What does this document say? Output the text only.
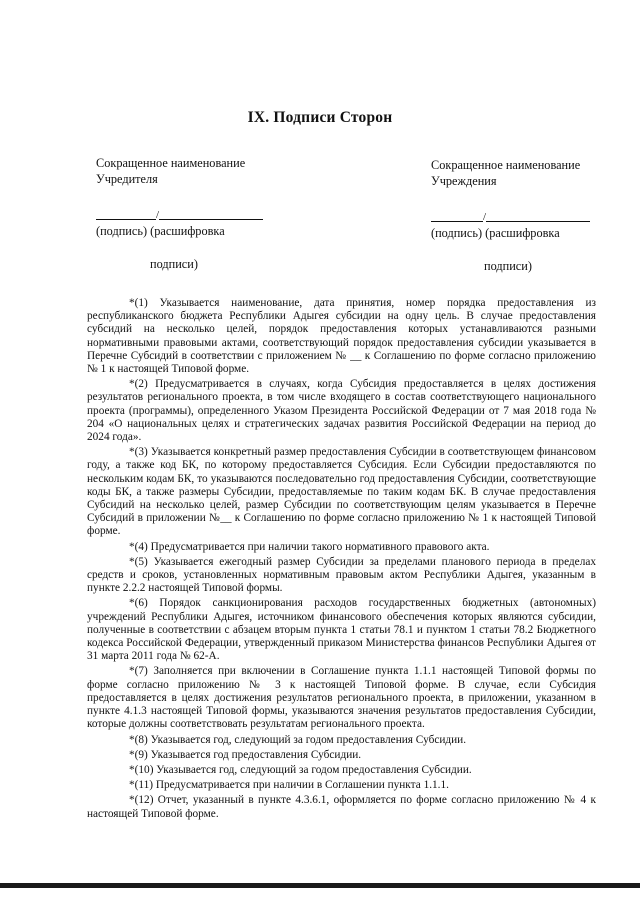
IX. Подписи Сторон
Сокращенное наименование
Учредителя
/
(подпись) (расшифровка
подписи)
Сокращенное наименование
Учреждения
/
(подпись) (расшифровка
подписи)

*(1) Указывается наименование, дата принятия, номер порядка предоставления из республиканского бюджета Республики Адыгея субсидии на одну цель. В случае предоставления субсидий на несколько целей, порядок предоставления которых устанавливаются разными нормативными правовыми актами, соответствующий порядок предоставления субсидии указывается в Перечне Субсидий в соответствии с приложением № __ к Соглашению по форме согласно приложению № 1 к настоящей Типовой форме.

*(2) Предусматривается в случаях, когда Субсидия предоставляется в целях достижения результатов регионального проекта, в том числе входящего в состав соответствующего национального проекта (программы), определенного Указом Президента Российской Федерации от 7 мая 2018 года № 204 «О национальных целях и стратегических задачах развития Российской Федерации на период до 2024 года».

*(3) Указывается конкретный размер предоставления Субсидии в соответствующем финансовом году, а также код БК, по которому предоставляется Субсидия. Если Субсидии предоставляются по нескольким кодам БК, то указываются последовательно год предоставления Субсидии, соответствующие коды БК, а также размеры Субсидии, предоставляемые по таким кодам БК. В случае предоставления Субсидий на несколько целей, размер Субсидии по соответствующим целям указывается в Перечне Субсидий в приложении №__ к Соглашению по форме согласно приложению № 1 к настоящей Типовой форме.

*(4) Предусматривается при наличии такого нормативного правового акта.

*(5) Указывается ежегодный размер Субсидии за пределами планового периода в пределах средств и сроков, установленных нормативным правовым актом Республики Адыгея, указанным в пункте 2.2.2 настоящей Типовой формы.

*(6) Порядок санкционирования расходов государственных бюджетных (автономных) учреждений Республики Адыгея, источником финансового обеспечения которых являются субсидии, полученные в соответствии с абзацем вторым пункта 1 статьи 78.1 и пунктом 1 статьи 78.2 Бюджетного кодекса Российской Федерации, утвержденный приказом Министерства финансов Республики Адыгея от 31 марта 2011 года № 62-А.

*(7) Заполняется при включении в Соглашение пункта 1.1.1 настоящей Типовой формы по форме согласно приложению № 3 к настоящей Типовой форме. В случае, если Субсидия предоставляется в целях достижения результатов регионального проекта, в приложении, указанном в пункте 4.1.3 настоящей Типовой формы, указываются значения результатов предоставления Субсидии, которые должны соответствовать результатам регионального проекта.

*(8) Указывается год, следующий за годом предоставления Субсидии.

*(9) Указывается год предоставления Субсидии.

*(10) Указывается год, следующий за годом предоставления Субсидии.

*(11) Предусматривается при наличии в Соглашении пункта 1.1.1.

*(12) Отчет, указанный в пункте 4.3.6.1, оформляется по форме согласно приложению № 4 к настоящей Типовой форме.
